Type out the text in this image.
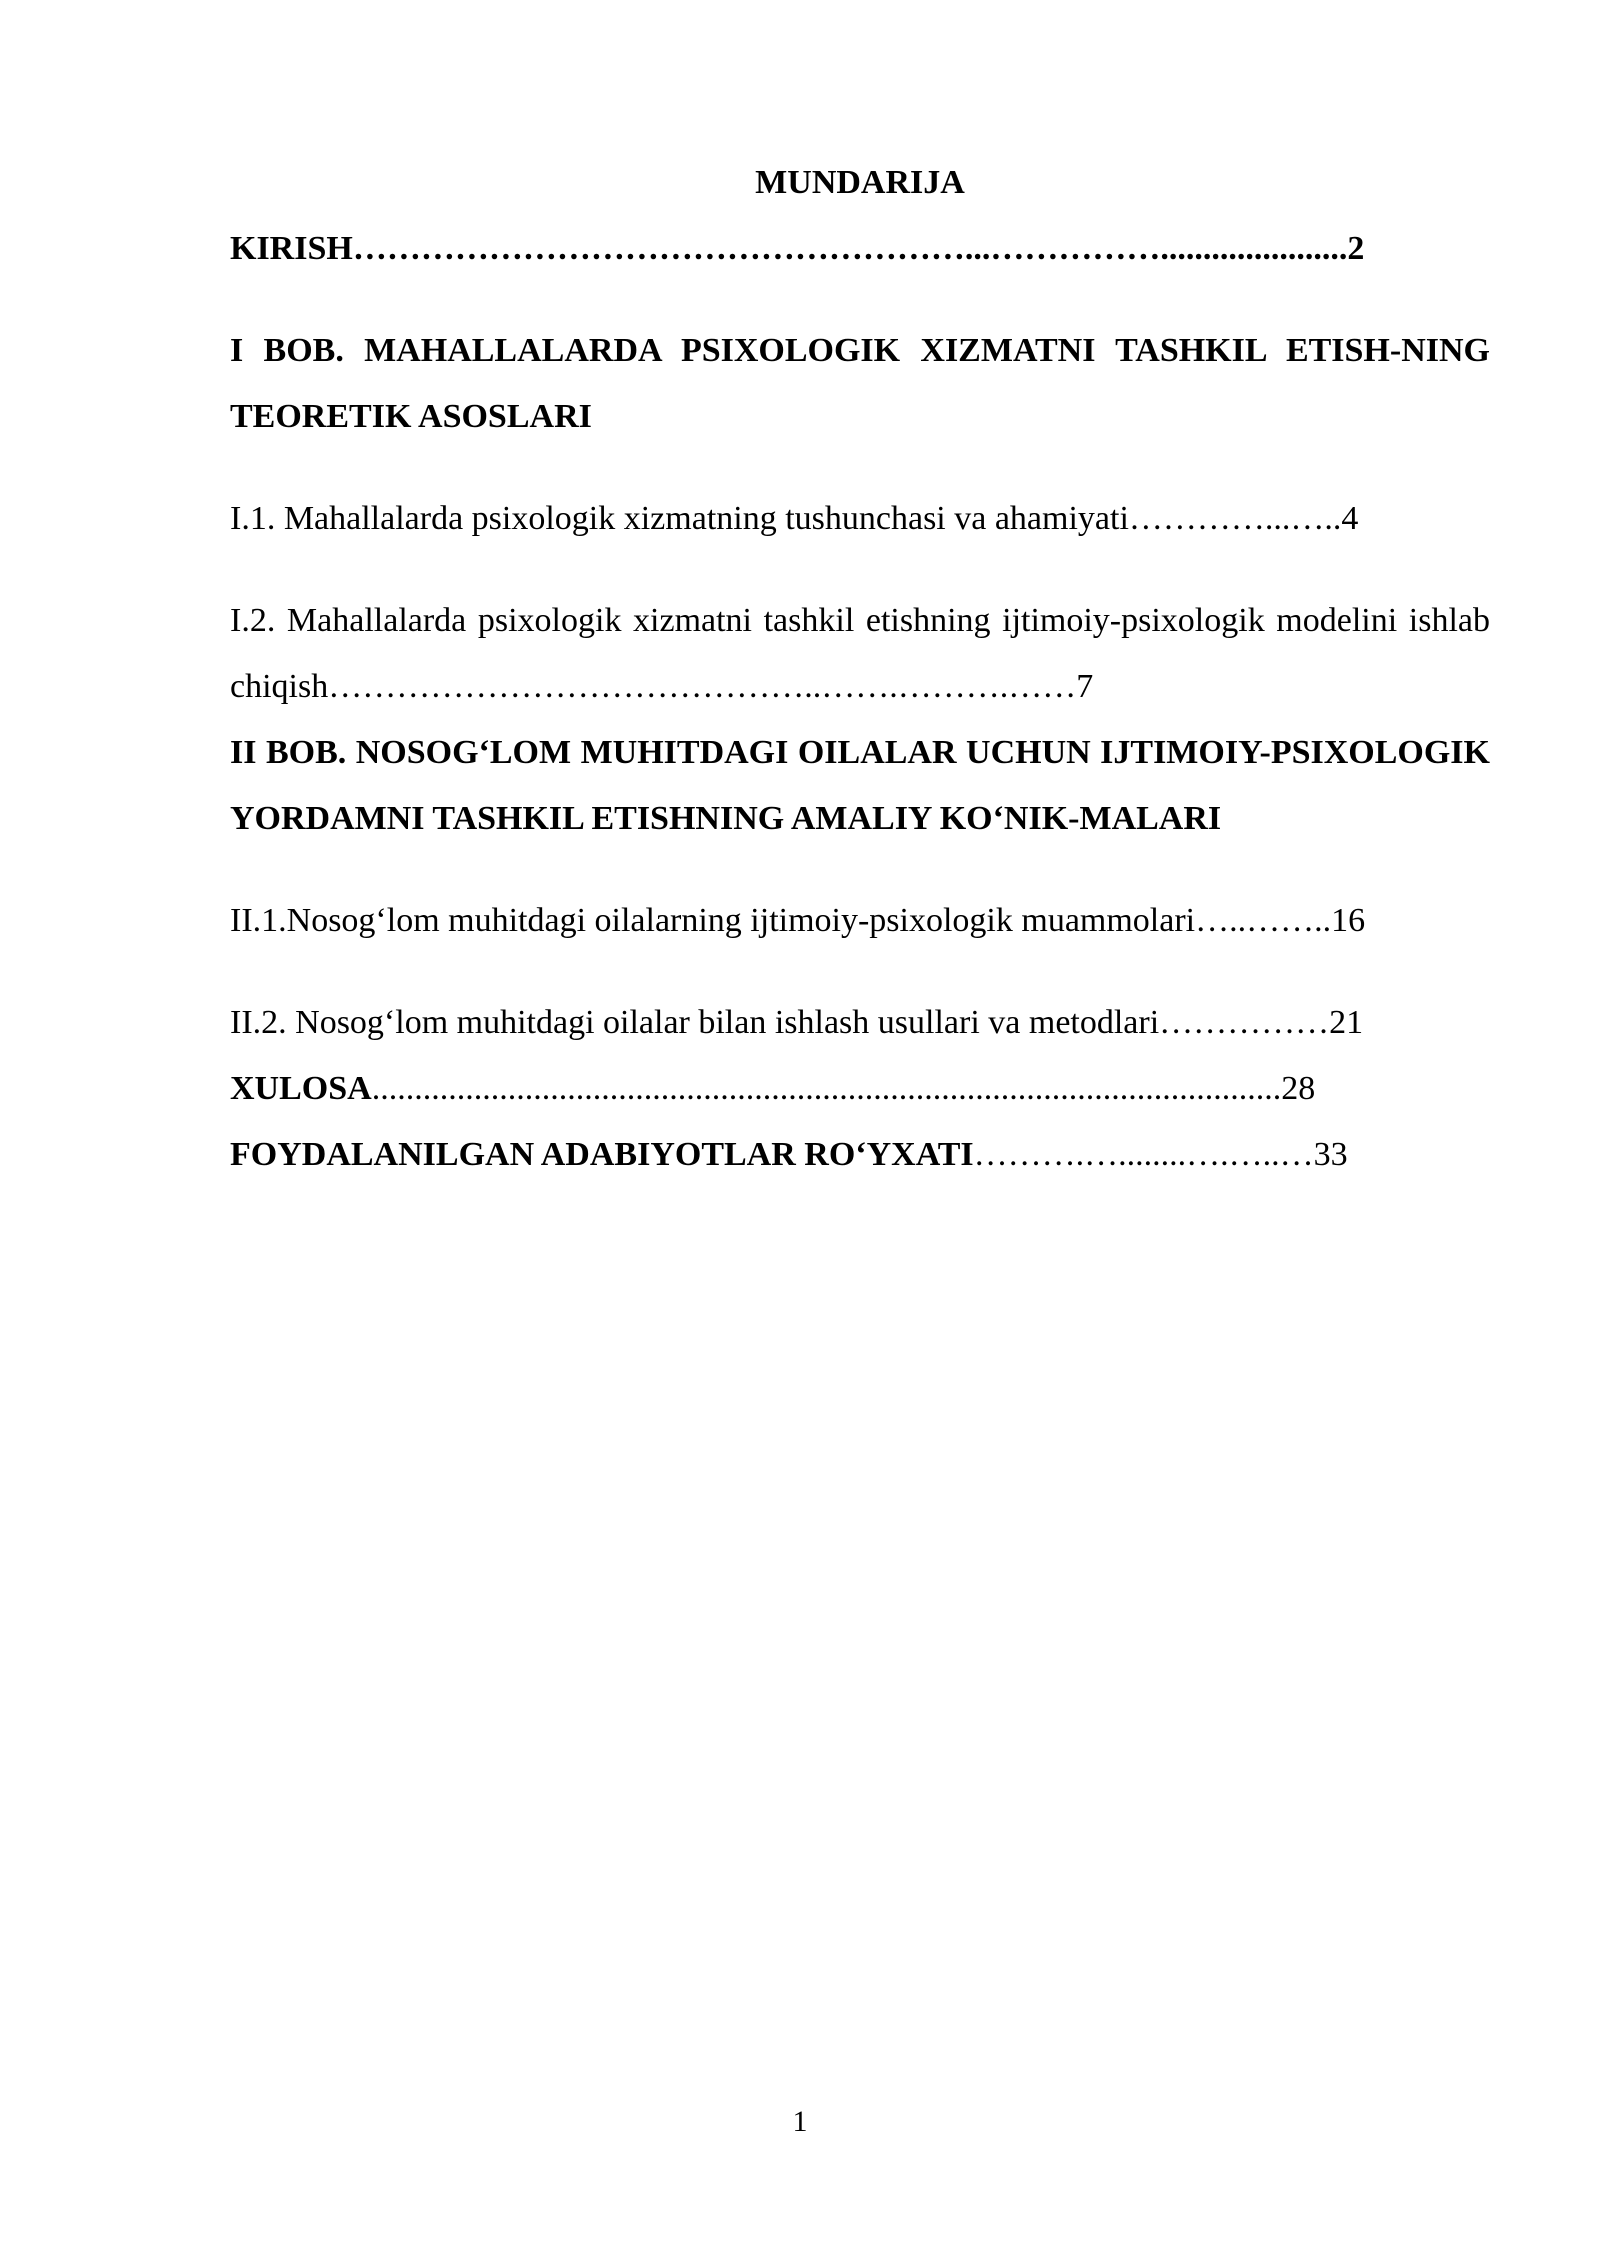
MUNDARIJA

KIRISH………………………………………………...……………......................2

I BOB. MAHALLALARDA PSIXOLOGIK XIZMATNI TASHKIL ETISH-NING TEORETIK ASOSLARI

I.1. Mahallalarda psixologik xizmatning tushunchasi va ahamiyati…………...…..4

I.2. Mahallalarda psixologik xizmatni tashkil etishning ijtimoiy-psixologik modelini ishlab chiqish……………………………………..…….……….……7

II BOB. NOSOG‘LOM MUHITDAGI OILALAR UCHUN IJTIMOIY-PSIXOLOGIK YORDAMNI TASHKIL ETISHNING AMALIY KO‘NIK-MALARI

II.1.Nosog‘lom muhitdagi oilalarning ijtimoiy-psixologik muammolari…..……..16

II.2. Nosog‘lom muhitdagi oilalar bilan ishlash usullari va metodlari……………21

XULOSA...........................................................................................................28

FOYDALANILGAN ADABIYOTLAR RO‘YXATI……….…........….…..…33

1
